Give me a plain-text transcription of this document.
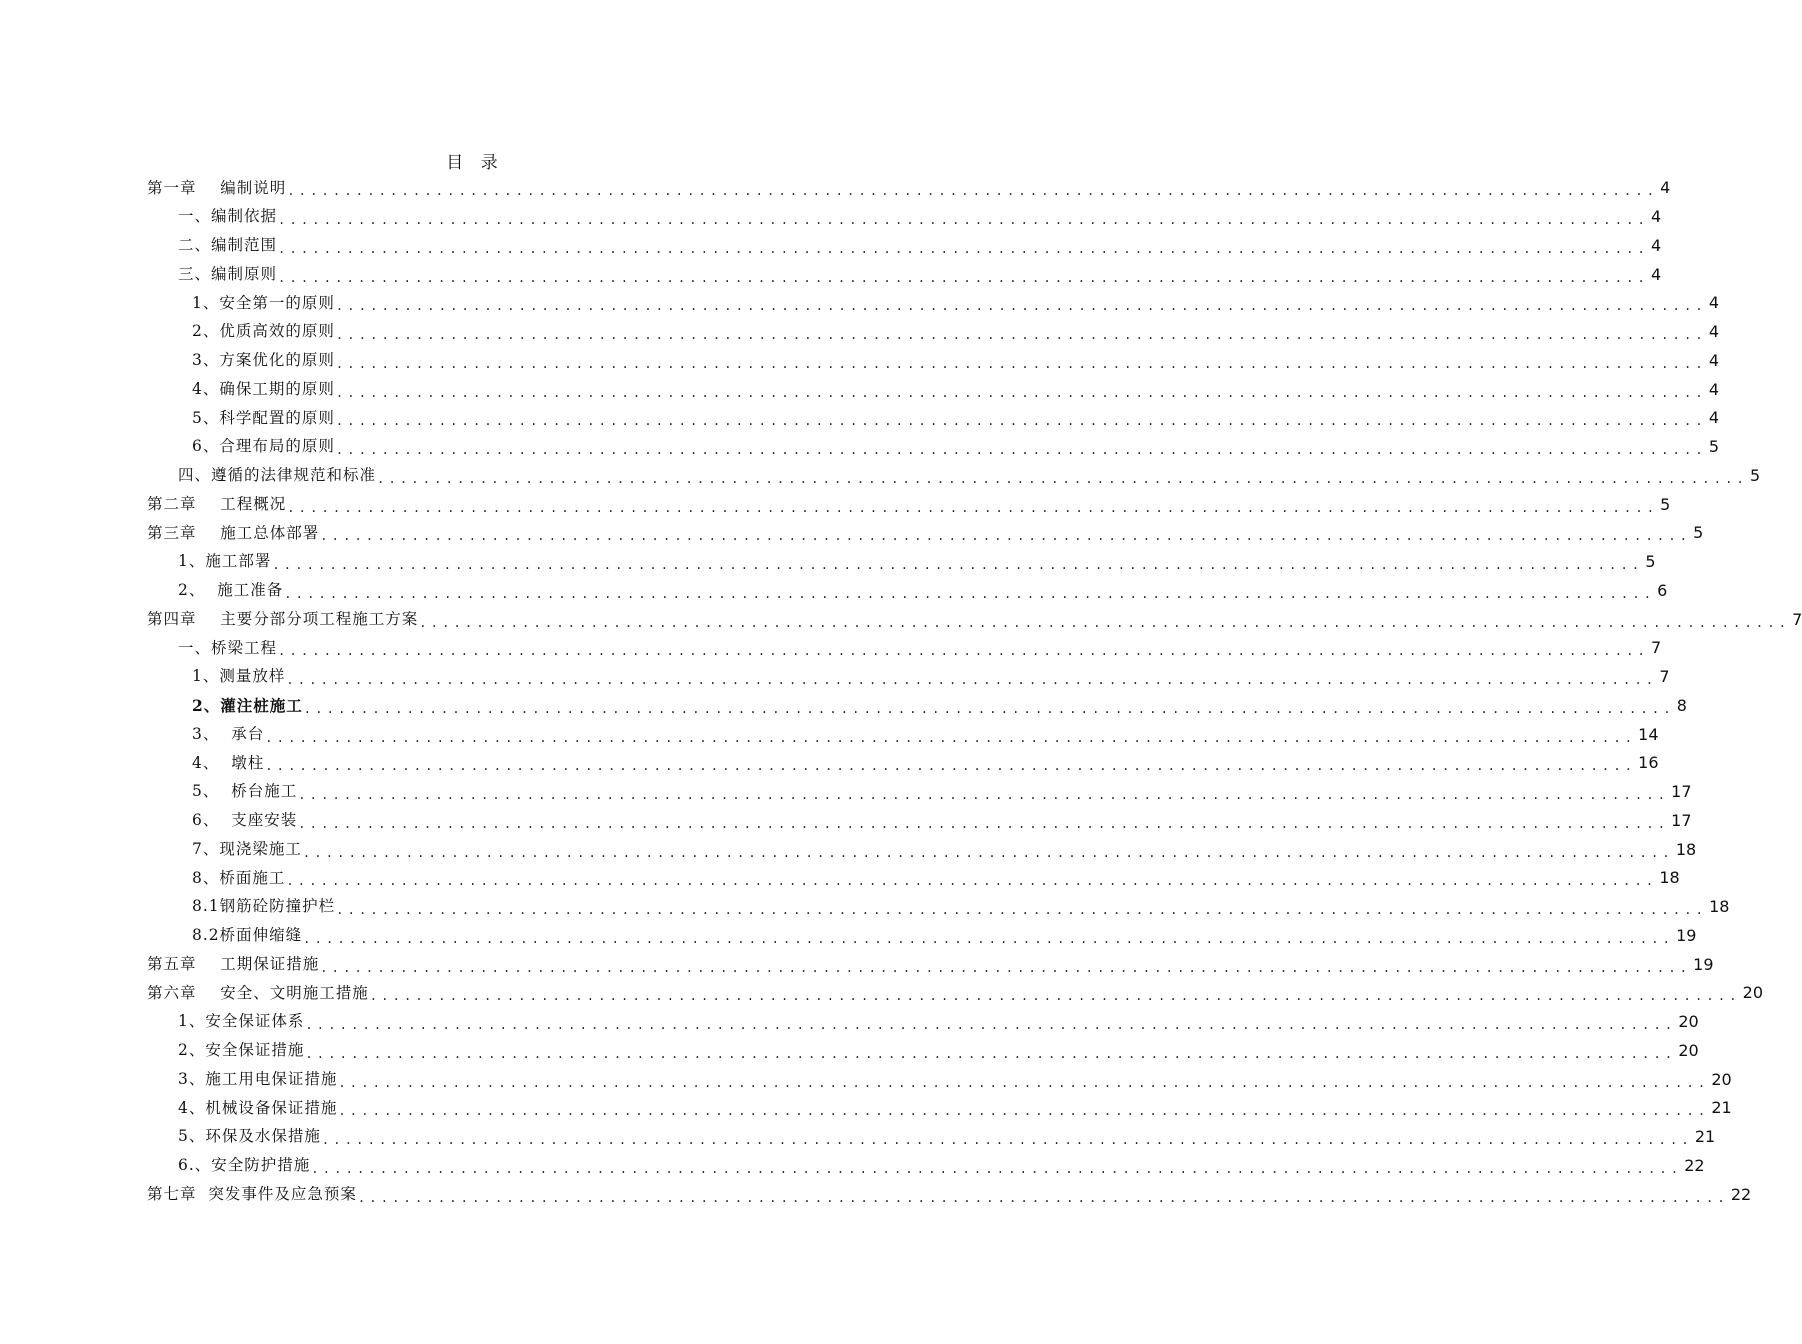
目 录
第一章    编制说明 ........................................................................................................................ 4
一、编制依据 ........................................................................................................................ 4
二、编制范围 ........................................................................................................................ 4
三、编制原则 ........................................................................................................................ 4
1、安全第一的原则 ........................................................................................................................ 4
2、优质高效的原则 ........................................................................................................................ 4
3、方案优化的原则 ........................................................................................................................ 4
4、确保工期的原则 ........................................................................................................................ 4
5、科学配置的原则 ........................................................................................................................ 4
6、合理布局的原则 ........................................................................................................................ 5
四、遵循的法律规范和标准 ........................................................................................................................ 5
第二章    工程概况 ........................................................................................................................ 5
第三章    施工总体部署 ........................................................................................................................ 5
1、施工部署 ........................................................................................................................ 5
2、  施工准备 ........................................................................................................................ 6
第四章    主要分部分项工程施工方案 ........................................................................................................................ 7
一、桥梁工程 ........................................................................................................................ 7
1、测量放样 ........................................................................................................................ 7
2、灌注桩施工 ........................................................................................................................ 8
3、  承台 ........................................................................................................................ 14
4、  墩柱 ........................................................................................................................ 16
5、  桥台施工 ........................................................................................................................ 17
6、  支座安装 ........................................................................................................................ 17
7、现浇梁施工 ........................................................................................................................ 18
8、桥面施工 ........................................................................................................................ 18
8.1钢筋砼防撞护栏 ........................................................................................................................ 18
8.2桥面伸缩缝 ........................................................................................................................ 19
第五章    工期保证措施 ........................................................................................................................ 19
第六章    安全、文明施工措施 ........................................................................................................................ 20
1、安全保证体系 ........................................................................................................................ 20
2、安全保证措施 ........................................................................................................................ 20
3、施工用电保证措施 ........................................................................................................................ 20
4、机械设备保证措施 ........................................................................................................................ 21
5、环保及水保措施 ........................................................................................................................ 21
6.、安全防护措施 ........................................................................................................................ 22
第七章  突发事件及应急预案 ........................................................................................................................ 22
